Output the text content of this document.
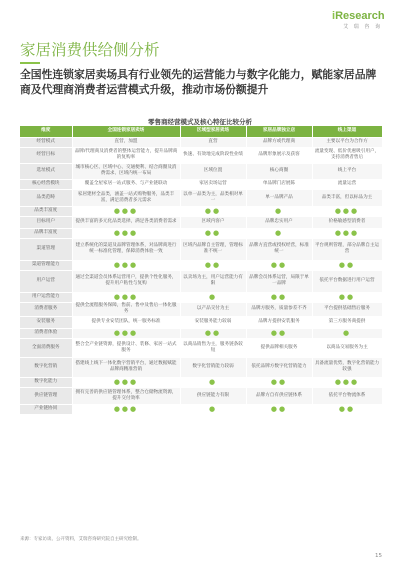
iResearch
艾 瑞 咨 询
家居消费供给侧分析
全国性连锁家居卖场具有行业领先的运营能力与数字化能力，赋能家居品牌商及代理商消费者运营模式升级，推动市场份额提升
零售商经营模式及核心特征比较分析
维度	全国连锁家居卖场	区域型家居卖场	家居品牌独立店	线上渠道
经营模式	直营，加盟	直营	品牌方或代理商	主要以平台为合作方
经营目标	品牌/代理商及消费者的整体运营能力，提升品牌商的复购率	快速、有效地完成阶段性业绩	品牌形象展示及获客	流量变现、低价优惠吸引用户，支持消费者售后
选址模式	城市核心区、区域中心、交通便利、结合商圈及消费需求、区域内统一布局	区域位置	核心商圈	线上平台
核心经营模块	覆盖全屋家居一站式服务、与产业链联动	家居卖场运营	单品牌门店展陈	流量运营
品类范畴	家居建材全品类，涵盖一站式购物服务，品类丰富，满足消费者多元需求	以单一品类为主，品类相对单一	单一品牌产品	品类丰富，但以标品为主
品类丰富度	●●●	●●	●	●●●
目标用户	提供丰富的多元化品类选择，满足各类消费者需求	区域内客户	品牌忠实用户	价格敏感型消费者
品牌丰富度	●●●	●●	●	●●●
渠道管理	建立系统化的渠道及品牌管理体系，对品牌商进行统一标准化管理，保障消费体验一致	区域内品牌自主管理，管理标准不统一	品牌方直营或授权经营，标准统一	平台规则管理，部分品牌自主运营
渠道管理能力	●●●	●●	●●	●●
用户运营	通过全渠道会员体系运营用户，提供个性化服务，提升用户粘性与复购	以卖场为主，用户运营能力有限	品牌会员体系运营，局限于单一品牌	依托平台数据进行用户运营
用户运营能力	●●●	●	●●	●●
消费者服务	提供全流程服务保障，售前、售中及售后一体化服务	以产品交付为主	品牌方服务，质量参差不齐	平台提供基础售后服务
安装服务	提供专业安装团队，统一服务标准	安装服务能力较弱	品牌方提供安装服务	第三方服务商提供
消费者体验	●●●	●●	●●	●
全面消费服务	整合全产业链资源，提供设计、装修、家居一站式服务	以商品销售为主，服务链条较短	提供品牌相关服务	以商品交易服务为主
数字化营销	搭建线上线下一体化数字营销平台，通过数据赋能品牌商精准营销	数字化营销能力较弱	依托品牌方数字化营销能力	具备流量优势，数字化营销能力较强
数字化能力	●●●	●	●●	●●●
供应链管理	拥有完善的供应链管理体系，整合仓储物流资源，提升交付效率	供应链能力有限	品牌方自有供应链体系	依托平台物流体系
产业链协同	●●●	●	●●	●●
来源：专家访谈、公开资料，艾瑞咨询研究院自主研究绘制。
15
